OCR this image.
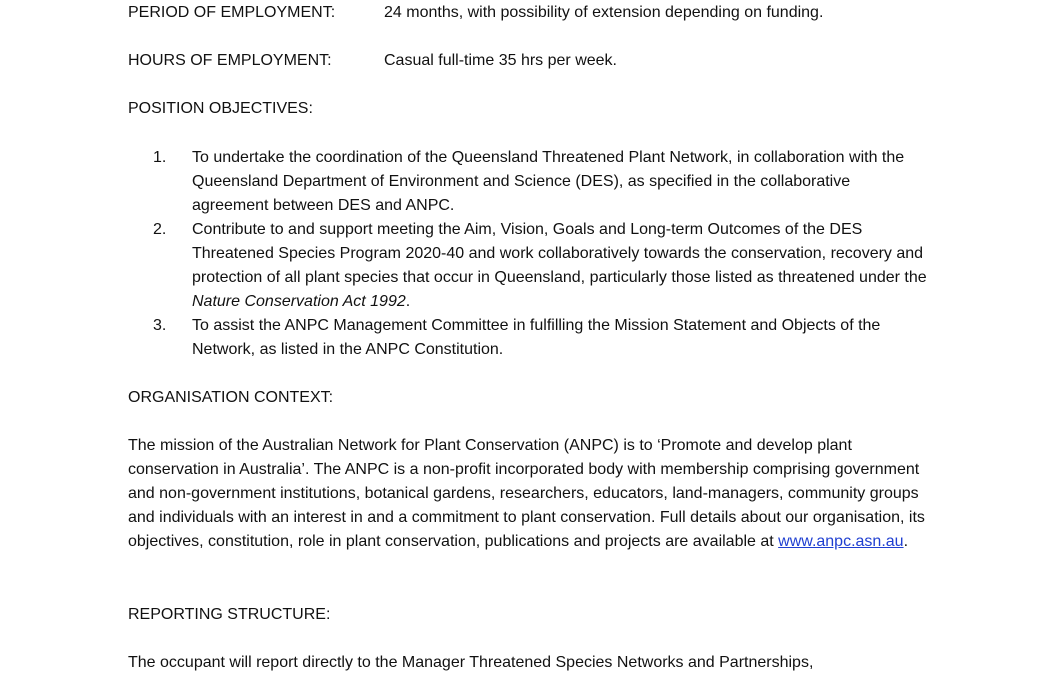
PERIOD OF EMPLOYMENT:	24 months, with possibility of extension depending on funding.
HOURS OF EMPLOYMENT:	Casual full-time 35 hrs per week.
POSITION OBJECTIVES:
1. To undertake the coordination of the Queensland Threatened Plant Network, in collaboration with the Queensland Department of Environment and Science (DES), as specified in the collaborative agreement between DES and ANPC.
2. Contribute to and support meeting the Aim, Vision, Goals and Long-term Outcomes of the DES Threatened Species Program 2020-40 and work collaboratively towards the conservation, recovery and protection of all plant species that occur in Queensland, particularly those listed as threatened under the Nature Conservation Act 1992.
3. To assist the ANPC Management Committee in fulfilling the Mission Statement and Objects of the Network, as listed in the ANPC Constitution.
ORGANISATION CONTEXT:

The mission of the Australian Network for Plant Conservation (ANPC) is to ‘Promote and develop plant conservation in Australia’. The ANPC is a non-profit incorporated body with membership comprising government and non-government institutions, botanical gardens, researchers, educators, land-managers, community groups and individuals with an interest in and a commitment to plant conservation. Full details about our organisation, its objectives, constitution, role in plant conservation, publications and projects are available at www.anpc.asn.au.

REPORTING STRUCTURE:

The occupant will report directly to the Manager Threatened Species Networks and Partnerships,
